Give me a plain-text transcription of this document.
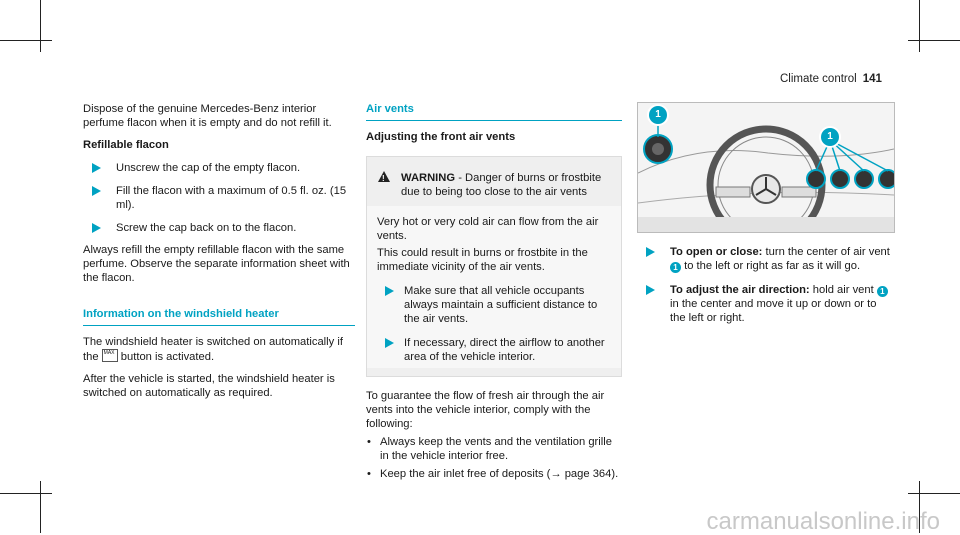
Climate control 141

Dispose of the genuine Mercedes-Benz interior perfume flacon when it is empty and do not refill it.

Refillable flacon

Unscrew the cap of the empty flacon.
Fill the flacon with a maximum of 0.5 fl. oz. (15 ml).
Screw the cap back on to the flacon.

Always refill the empty refillable flacon with the same perfume. Observe the separate information sheet with the flacon.

Information on the windshield heater

The windshield heater is switched on automatically if the MAX button is activated.

After the vehicle is started, the windshield heater is switched on automatically as required.

Air vents

Adjusting the front air vents

!
WARNING - Danger of burns or frostbite due to being too close to the air vents

Very hot or very cold air can flow from the air vents.

This could result in burns or frostbite in the immediate vicinity of the air vents.

Make sure that all vehicle occupants always maintain a sufficient distance to the air vents.
If necessary, direct the airflow to another area of the vehicle interior.

To guarantee the flow of fresh air through the air vents into the vehicle interior, comply with the following:

• Always keep the vents and the ventilation grille in the vehicle interior free.
• Keep the air inlet free of deposits (→ page 364).
1
1
To open or close: turn the center of air vent 1 to the left or right as far as it will go.
To adjust the air direction: hold air vent 1 in the center and move it up or down or to the left or right.
carmanualsonline.info
